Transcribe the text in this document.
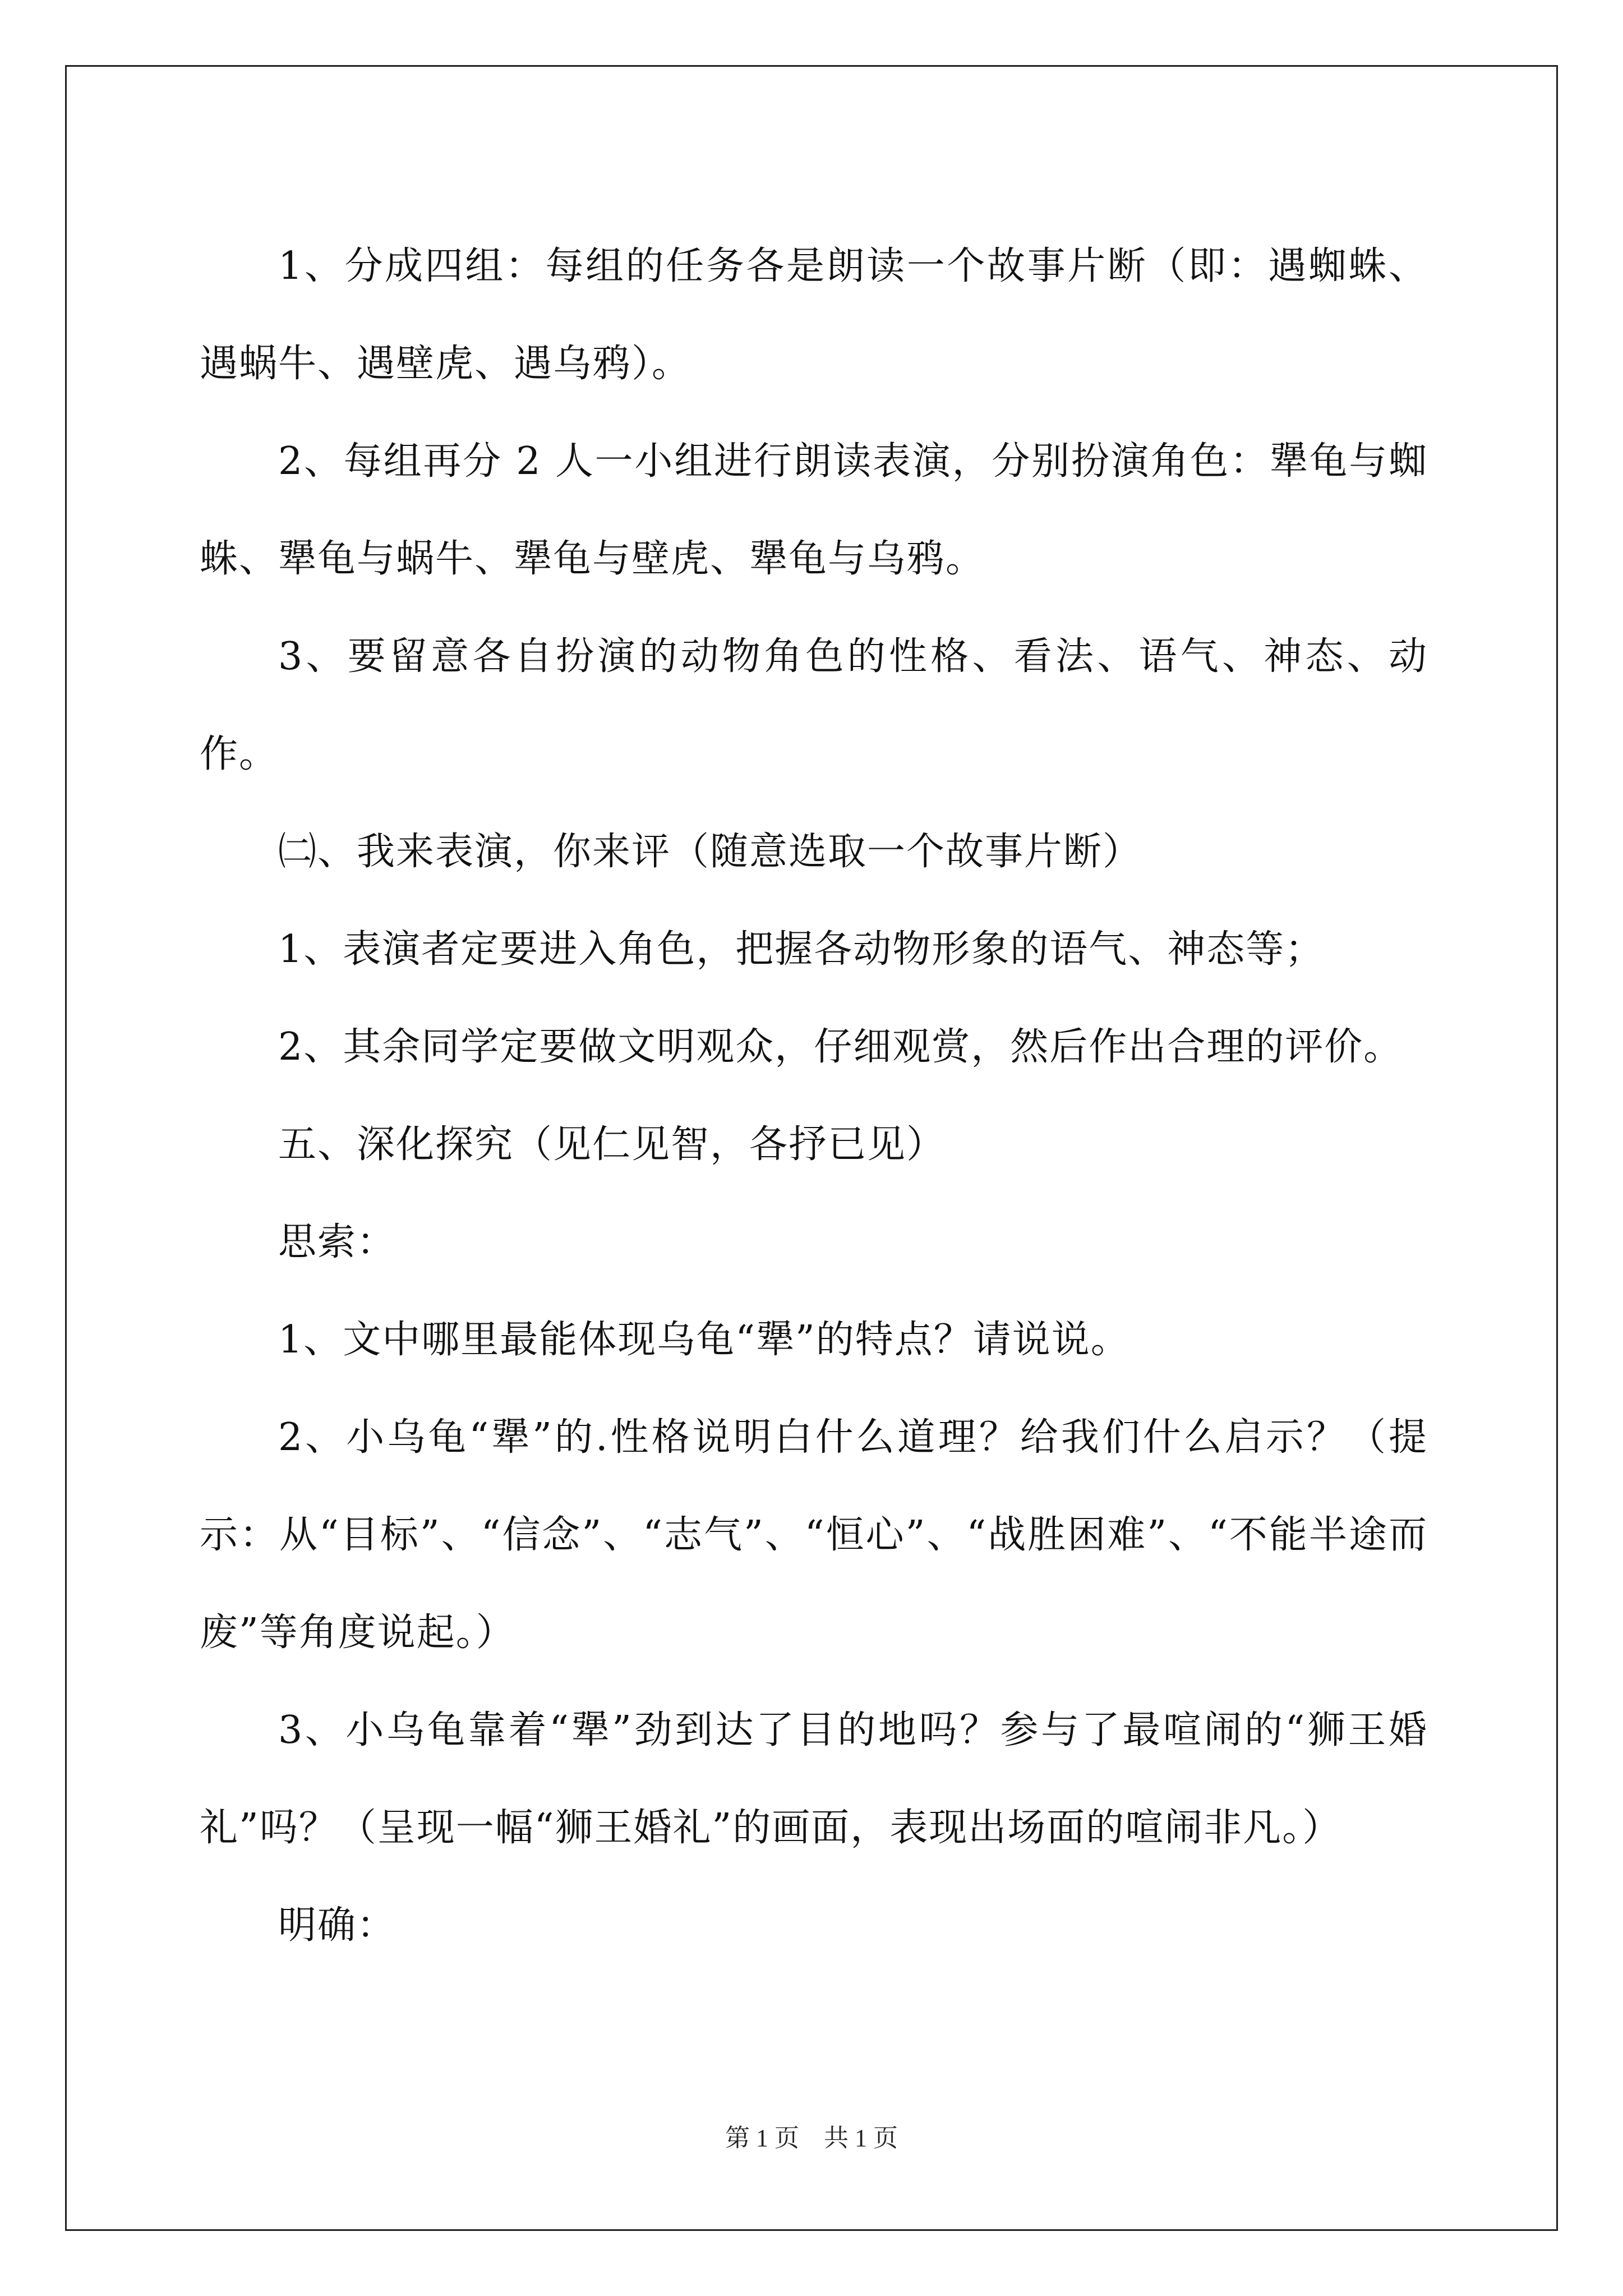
1、分成四组：每组的任务各是朗读一个故事片断（即：遇蜘蛛、遇蜗牛、遇壁虎、遇乌鸦）。

2、每组再分 2 人一小组进行朗读表演，分别扮演角色：犟龟与蜘蛛、犟龟与蜗牛、犟龟与壁虎、犟龟与乌鸦。

3、要留意各自扮演的动物角色的性格、看法、语气、神态、动作。

㈡、我来表演，你来评（随意选取一个故事片断）

1、表演者定要进入角色，把握各动物形象的语气、神态等；

2、其余同学定要做文明观众，仔细观赏，然后作出合理的评价。

五、深化探究（见仁见智，各抒已见）

思索：

1、文中哪里最能体现乌龟“犟”的特点？请说说。

2、小乌龟“犟”的.性格说明白什么道理？给我们什么启示？（提示：从“目标”、“信念”、“志气”、“恒心”、“战胜困难”、“不能半途而废”等角度说起。）

3、小乌龟靠着“犟”劲到达了目的地吗？参与了最喧闹的“狮王婚礼”吗？（呈现一幅“狮王婚礼”的画面，表现出场面的喧闹非凡。）

明确：

第 1 页　共 1 页
